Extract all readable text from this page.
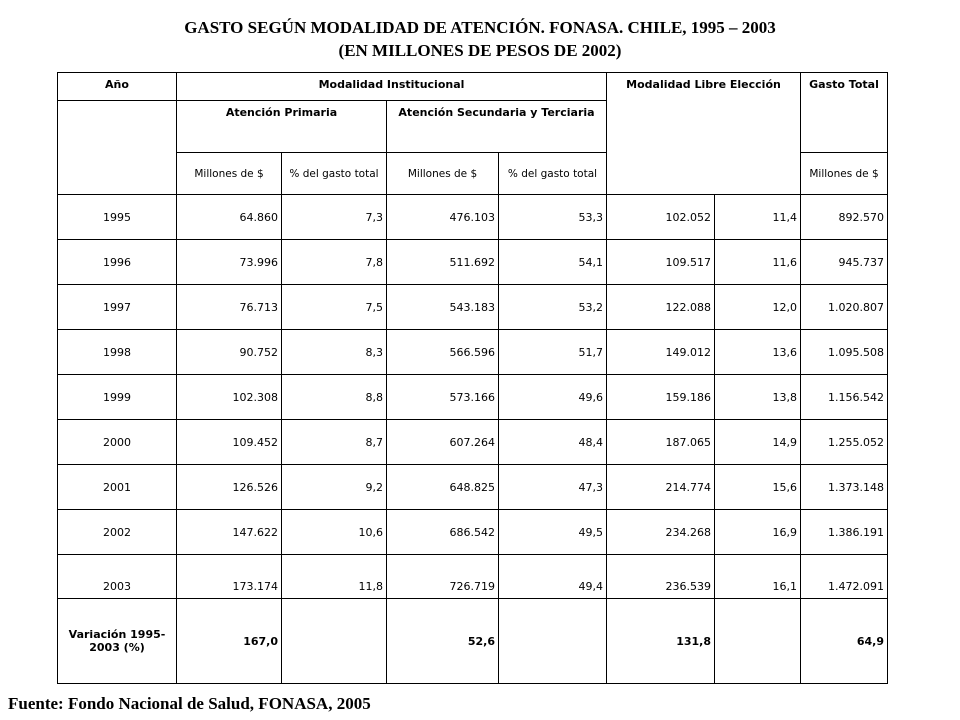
GASTO SEGÚN MODALIDAD DE ATENCIÓN. FONASA. CHILE, 1995 – 2003
(EN MILLONES DE PESOS DE 2002)
Año	Modalidad Institucional				Modalidad Libre Elección		Gasto Total
	Atención Primaria		Atención Secundaria y Terciaria				
	Millones de $	% del gasto total	Millones de $	% del gasto total			Millones de $
1995	64.860	7,3	476.103	53,3	102.052	11,4	892.570
1996	73.996	7,8	511.692	54,1	109.517	11,6	945.737
1997	76.713	7,5	543.183	53,2	122.088	12,0	1.020.807
1998	90.752	8,3	566.596	51,7	149.012	13,6	1.095.508
1999	102.308	8,8	573.166	49,6	159.186	13,8	1.156.542
2000	109.452	8,7	607.264	48,4	187.065	14,9	1.255.052
2001	126.526	9,2	648.825	47,3	214.774	15,6	1.373.148
2002	147.622	10,6	686.542	49,5	234.268	16,9	1.386.191
2003	173.174	11,8	726.719	49,4	236.539	16,1	1.472.091
Variación 1995-2003 (%)	167,0		52,6		131,8		64,9
Fuente: Fondo Nacional de Salud, FONASA, 2005
